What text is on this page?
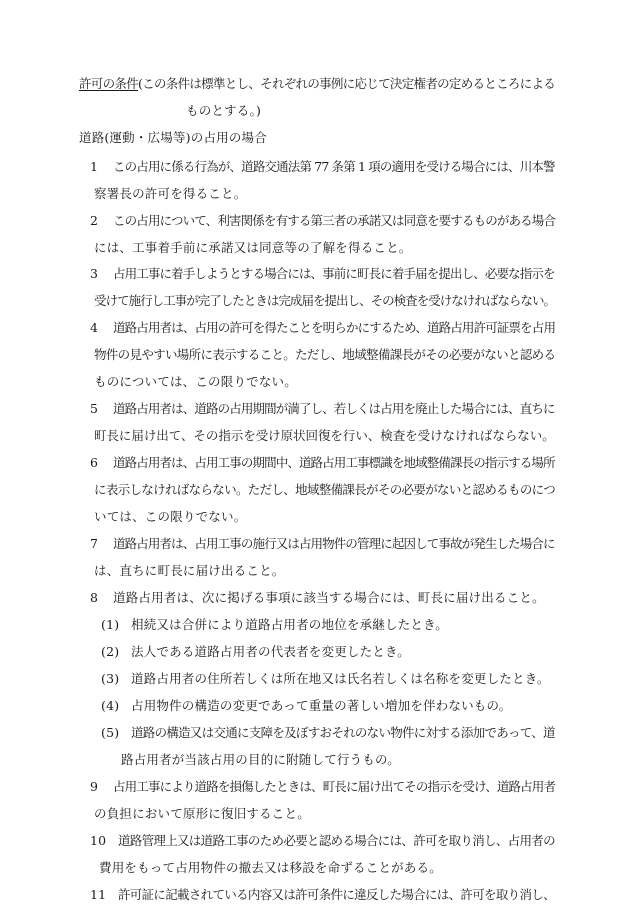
許可の条件(この条件は標準とし、それぞれの事例に応じて決定権者の定めるところによる
ものとする。)
道路(運動・広場等)の占用の場合
1 この占用に係る行為が、道路交通法第 77 条第 1 項の適用を受ける場合には、川本警
察署長の許可を得ること。
2 この占用について、利害関係を有する第三者の承諾又は同意を要するものがある場合
には、工事着手前に承諾又は同意等の了解を得ること。
3 占用工事に着手しようとする場合には、事前に町長に着手届を提出し、必要な指示を
受けて施行し工事が完了したときは完成届を提出し、その検査を受けなければならない。
4 道路占用者は、占用の許可を得たことを明らかにするため、道路占用許可証票を占用
物件の見やすい場所に表示すること。ただし、地域整備課長がその必要がないと認める
ものについては、この限りでない。
5 道路占用者は、道路の占用期間が満了し、若しくは占用を廃止した場合には、直ちに
町長に届け出て、その指示を受け原状回復を行い、検査を受けなければならない。
6 道路占用者は、占用工事の期間中、道路占用工事標識を地域整備課長の指示する場所
に表示しなければならない。ただし、地域整備課長がその必要がないと認めるものにつ
いては、この限りでない。
7 道路占用者は、占用工事の施行又は占用物件の管理に起因して事故が発生した場合に
は、直ちに町長に届け出ること。
8 道路占用者は、次に掲げる事項に該当する場合には、町長に届け出ること。
(1) 相続又は合併により道路占用者の地位を承継したとき。
(2) 法人である道路占用者の代表者を変更したとき。
(3) 道路占用者の住所若しくは所在地又は氏名若しくは名称を変更したとき。
(4) 占用物件の構造の変更であって重量の著しい増加を伴わないもの。
(5) 道路の構造又は交通に支障を及ぼすおそれのない物件に対する添加であって、道
路占用者が当該占用の目的に附随して行うもの。
9 占用工事により道路を損傷したときは、町長に届け出てその指示を受け、道路占用者
の負担において原形に復旧すること。
10 道路管理上又は道路工事のため必要と認める場合には、許可を取り消し、占用者の
費用をもって占用物件の撤去又は移設を命ずることがある。
11 許可証に記載されている内容又は許可条件に違反した場合には、許可を取り消し、
